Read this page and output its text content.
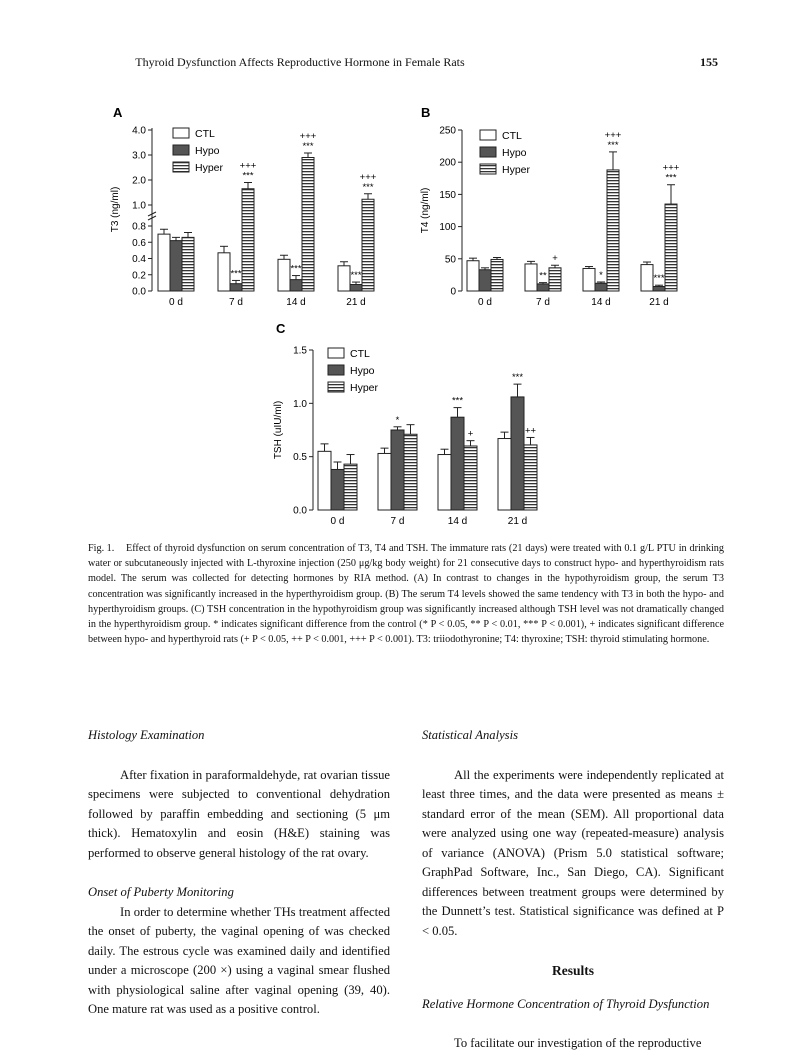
Thyroid Dysfunction Affects Reproductive Hormone in Female Rats	155
A
0.0
0.2
0.4
0.6
0.8
1.0
2.0
3.0
4.0
T3 (ng/ml)
0 d
***
+++
***
7 d
***
+++
***
14 d
***
+++
***
21 d
CTL
Hypo
Hyper
B
0
50
100
150
200
250
T4 (ng/ml)
0 d
**
+
7 d
*
+++
***
14 d
***
+++
***
21 d
CTL
Hypo
Hyper
C
0.0
0.5
1.0
1.5
TSH (uIU/ml)
0 d
*
7 d
***
+
14 d
***
++
21 d
CTL
Hypo
Hyper
Fig. 1. Effect of thyroid dysfunction on serum concentration of T3, T4 and TSH. The immature rats (21 days) were treated with 0.1 g/L PTU in drinking water or subcutaneously injected with L-thyroxine injection (250 μg/kg body weight) for 21 consecutive days to construct hypo- and hyperthyroidism rats model. The serum was collected for detecting hormones by RIA method. (A) In contrast to changes in the hypothyroidism group, the serum T3 concentration was significantly increased in the hyperthyroidism group. (B) The serum T4 levels showed the same tendency with T3 in both the hypo- and hyperthyroidism groups. (C) TSH concentration in the hypothyroidism group was significantly increased although TSH level was not dramatically changed in the hyperthyroidism group. * indicates significant difference from the control (* P < 0.05, ** P < 0.01, *** P < 0.001), + indicates significant difference between hypo- and hyperthyroid rats (+ P < 0.05, ++ P < 0.001, +++ P < 0.001). T3: triiodothyronine; T4: thyroxine; TSH: thyroid stimulating hormone.
Histology Examination

After fixation in paraformaldehyde, rat ovarian tissue specimens were subjected to conventional dehydration followed by paraffin embedding and sectioning (5 μm thick). Hematoxylin and eosin (H&E) staining was performed to observe general histology of the rat ovary.

Onset of Puberty Monitoring

In order to determine whether THs treatment affected the onset of puberty, the vaginal opening of was checked daily. The estrous cycle was examined daily and identified under a microscope (200 ×) using a vaginal smear flushed with physiological saline after vaginal opening (39, 40). One mature rat was used as a positive control.

Statistical Analysis

All the experiments were independently replicated at least three times, and the data were presented as means ± standard error of the mean (SEM). All proportional data were analyzed using one way (repeated-measure) analysis of variance (ANOVA) (Prism 5.0 statistical software; GraphPad Software, Inc., San Diego, CA). Significant differences between treatment groups were determined by the Dunnett’s test. Statistical significance was defined at P < 0.05.

Results
Relative Hormone Concentration of Thyroid Dysfunction

To facilitate our investigation of the reproductive
